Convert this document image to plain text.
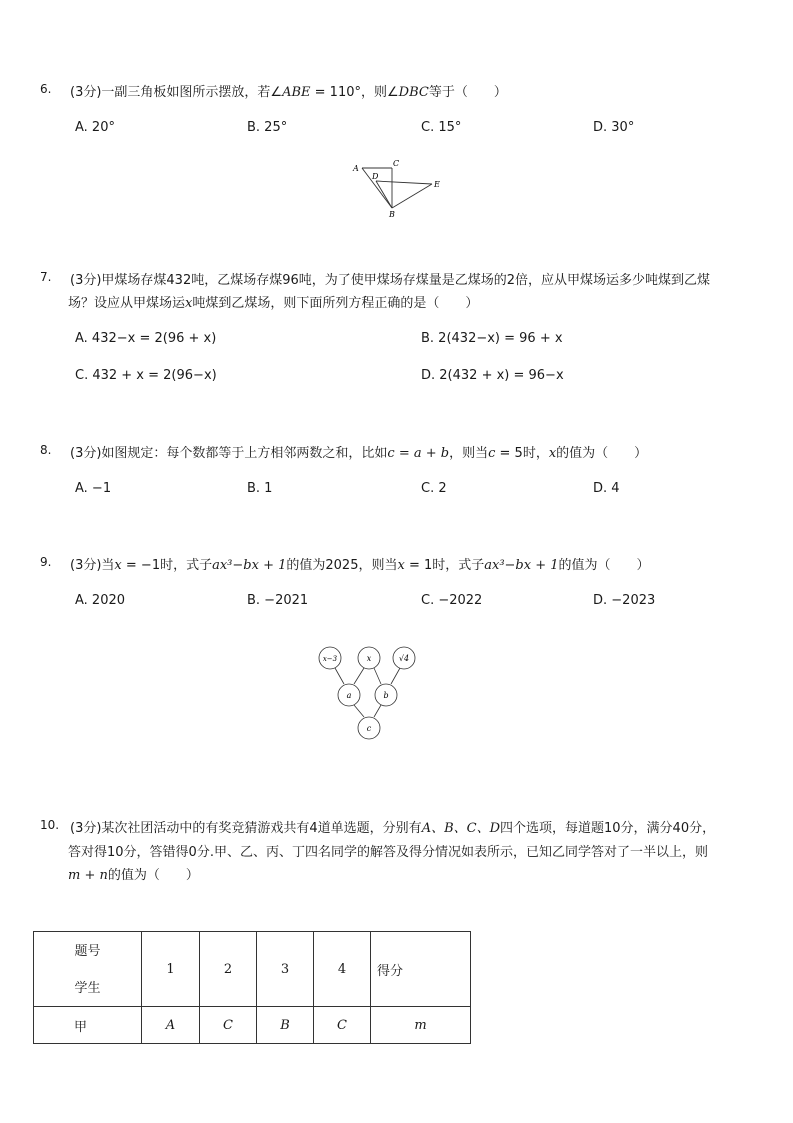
6. (3分)一副三角板如图所示摆放，若∠ABE = 110°，则∠DBC等于（　　）
A. 20°	B. 25°	C. 15°	D. 30°
A
C
D
E
B
7. (3分)甲煤场存煤432吨，乙煤场存煤96吨，为了使甲煤场存煤量是乙煤场的2倍，应从甲煤场运多少吨煤到乙煤
场？设应从甲煤场运x吨煤到乙煤场，则下面所列方程正确的是（　　）
A. 432−x = 2(96 + x)	B. 2(432−x) = 96 + x
C. 432 + x = 2(96−x)	D. 2(432 + x) = 96−x
8. (3分)如图规定：每个数都等于上方相邻两数之和，比如c = a + b，则当c = 5时，x的值为（　　）
A. −1	B. 1	C. 2	D. 4
9. (3分)当x = −1时，式子ax³−bx + 1的值为2025，则当x = 1时，式子ax³−bx + 1的值为（　　）
A. 2020	B. −2021	C. −2022	D. −2023
x−3	x	√4
a	b
c
10. (3分)某次社团活动中的有奖竞猜游戏共有4道单选题，分别有A、B、C、D四个选项，每道题10分，满分40分，
答对得10分，答错得0分.甲、乙、丙、丁四名同学的解答及得分情况如表所示，已知乙同学答对了一半以上，则
m + n的值为（　　）
题号
学生	1	2	3	4	得分
甲	A	C	B	C	m
